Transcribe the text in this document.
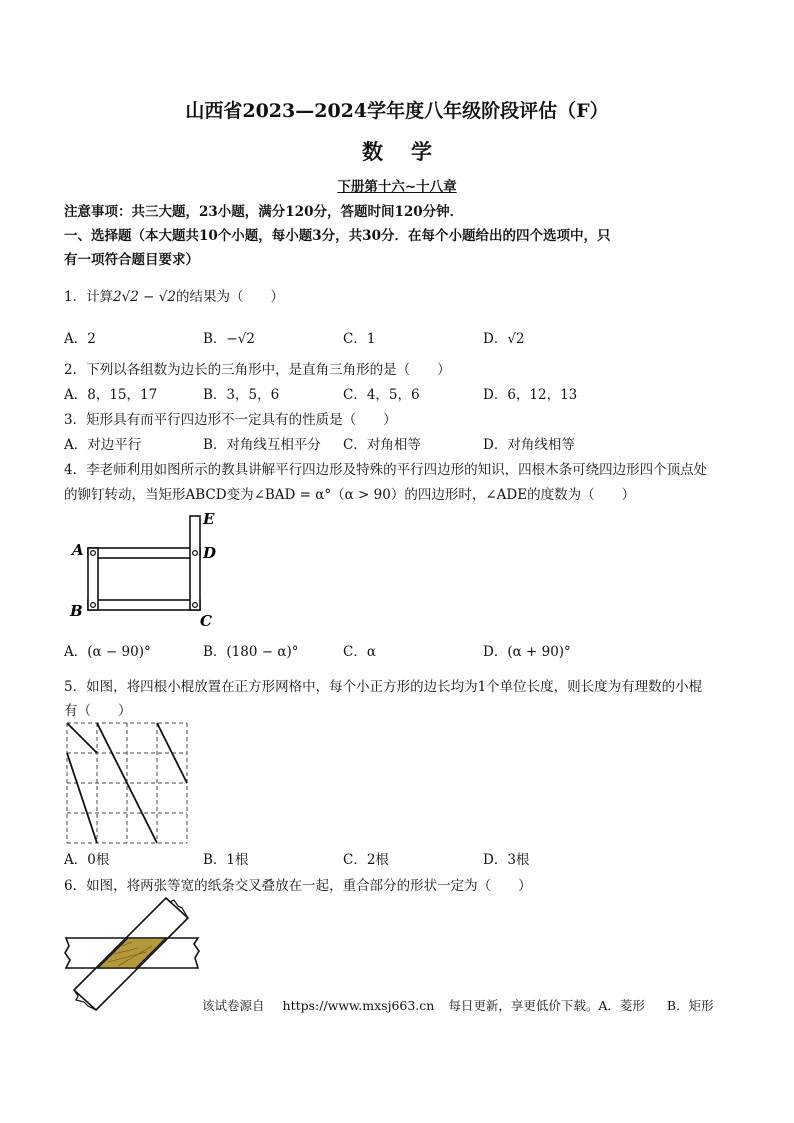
山西省2023—2024学年度八年级阶段评估（F）
数学
下册第十六~十八章
注意事项：共三大题，23小题，满分120分，答题时间120分钟．
一、选择题（本大题共10个小题，每小题3分，共30分．在每个小题给出的四个选项中，只
有一项符合题目要求）
1．计算2√2 − √2的结果为（　　）
A．2	B．−√2	C．1	D．√2
2．下列以各组数为边长的三角形中，是直角三角形的是（　　）
A．8，15，17	B．3，5，6	C．4，5，6	D．6，12，13
3．矩形具有而平行四边形不一定具有的性质是（　　）
A．对边平行	B．对角线互相平分 C．对角相等	D．对角线相等
4．李老师利用如图所示的教具讲解平行四边形及特殊的平行四边形的知识，四根木条可绕四边形四个顶点处
的铆钉转动，当矩形ABCD变为∠BAD = α°（α > 90）的四边形时，∠ADE的度数为（　　）
A
B
C
D
E
A．(α − 90)°	B．(180 − α)°	C．α	D．(α + 90)°
5．如图，将四根小棍放置在正方形网格中，每个小正方形的边长均为1个单位长度，则长度为有理数的小棍
有（　　）
A．0根	B．1根	C．2根	D．3根
6．如图，将两张等宽的纸条交叉叠放在一起，重合部分的形状一定为（　　）
该试卷源自 https://www.mxsj663.cn 每日更新，享更低价下载。A．菱形 B．矩形
